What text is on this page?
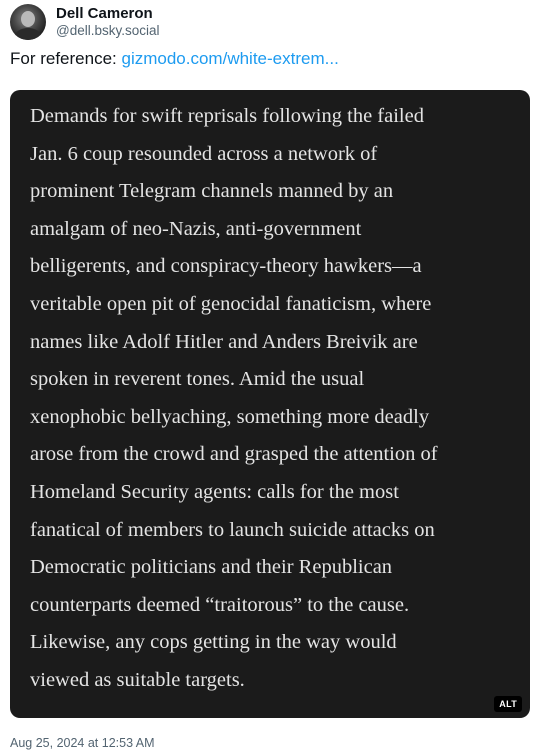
Dell Cameron
@dell.bsky.social
For reference: gizmodo.com/white-extrem...
Demands for swift reprisals following the failed
Jan. 6 coup resounded across a network of
prominent Telegram channels manned by an
amalgam of neo-Nazis, anti-government
belligerents, and conspiracy-theory hawkers—a
veritable open pit of genocidal fanaticism, where
names like Adolf Hitler and Anders Breivik are
spoken in reverent tones. Amid the usual
xenophobic bellyaching, something more deadly
arose from the crowd and grasped the attention of
Homeland Security agents: calls for the most
fanatical of members to launch suicide attacks on
Democratic politicians and their Republican
counterparts deemed “traitorous” to the cause.
Likewise, any cops getting in the way would
viewed as suitable targets.
ALT
Aug 25, 2024 at 12:53 AM
